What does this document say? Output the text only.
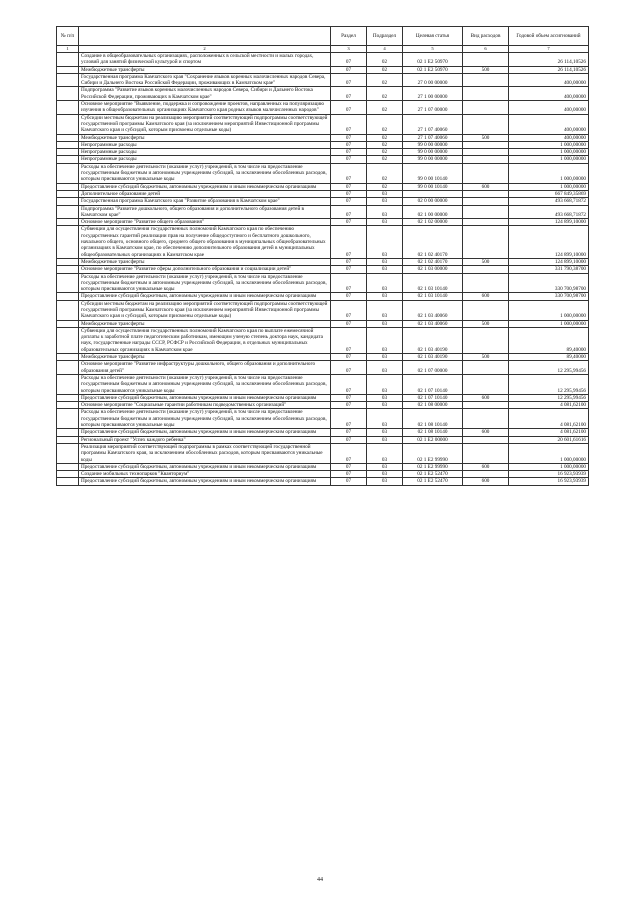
№ п/п		Раздел	Подраздел	Целевая статья	Вид расходов	Годовой объем ассигнований
1	2	3	4	5	6	7
	Создание в общеобразовательных организациях, расположенных в сельской местности и малых городах, условий для занятий физической культурой и спортом	07	02	02 1 E2 50970		26 114,10526
	Межбюджетные трансферты	07	02	02 1 E2 50970	500	26 114,10526
	Государственная программа Камчатского края "Сохранение языков коренных малочисленных народов Севера, Сибири и Дальнего Востока Российской Федерации, проживающих в Камчатском крае"	07	02	27 0 00 00000		400,00000
	Подпрограмма "Развитие языков коренных малочисленных народов Севера, Сибири и Дальнего Востока Российской Федерации, проживающих в Камчатском крае"	07	02	27 1 00 00000		400,00000
	Основное мероприятие "Выявление, поддержка и сопровождение проектов, направленных на популяризацию изучения в общеобразовательных организациях Камчатского края родных языков малочисленных народов"	07	02	27 1 07 00000		400,00000
	Субсидии местным бюджетам на реализацию мероприятий соответствующей подпрограммы соответствующей государственной программы Камчатского края (за исключением мероприятий Инвестиционной программы Камчатского края и субсидий, которым присвоены отдельные коды)	07	02	27 1 07 40060		400,00000
	Межбюджетные трансферты	07	02	27 1 07 40060	500	400,00000
	Непрограммные расходы	07	02	99 0 00 00000		1 000,00000
	Непрограммные расходы	07	02	99 0 00 00000		1 000,00000
	Непрограммные расходы	07	02	99 0 00 00000		1 000,00000
	Расходы на обеспечение деятельности (оказание услуг) учреждений, в том числе на предоставление государственным бюджетным и автономным учреждениям субсидий, за исключением обособленных расходов, которым присваиваются уникальные коды	07	02	99 0 00 10140		1 000,00000
	Предоставление субсидий бюджетным, автономным учреждениям и иным некоммерческим организациям	07	02	99 0 00 10140	600	1 000,00000
	Дополнительное образование детей	07	03			667 849,35869
	Государственная программа Камчатского края "Развитие образования в Камчатском крае"	07	03	02 0 00 00000		493 668,71872
	Подпрограмма "Развитие дошкольного, общего образования и дополнительного образования детей в Камчатском крае"	07	03	02 1 00 00000		493 668,71872
	Основное мероприятие "Развитие общего образования"	07	03	02 1 02 00000		124 899,10000
	Субвенции для осуществления государственных полномочий Камчатского края по обеспечению государственных гарантий реализации прав на получение общедоступного и бесплатного дошкольного, начального общего, основного общего, среднего общего образования в муниципальных общеобразовательных организациях в Камчатском крае, по обеспечению дополнительного образования детей в муниципальных общеобразовательных организациях в Камчатском крае	07	03	02 1 02 40170		124 899,10000
	Межбюджетные трансферты	07	03	02 1 02 40170	500	124 899,10000
	Основное мероприятие "Развитие сферы дополнительного образования и социализации детей"	07	03	02 1 03 00000		331 790,38700
	Расходы на обеспечение деятельности (оказание услуг) учреждений, в том числе на предоставление государственным бюджетным и автономным учреждениям субсидий, за исключением обособленных расходов, которым присваиваются уникальные коды	07	03	02 1 03 10140		330 700,98700
	Предоставление субсидий бюджетным, автономным учреждениям и иным некоммерческим организациям	07	03	02 1 03 10140	600	330 700,98700
	Субсидии местным бюджетам на реализацию мероприятий соответствующей подпрограммы соответствующей государственной программы Камчатского края (за исключением мероприятий Инвестиционной программы Камчатского края и субсидий, которым присвоены отдельные коды)	07	03	02 1 03 40060		1 000,00000
	Межбюджетные трансферты	07	03	02 1 03 40060	500	1 000,00000
	Субвенции для осуществления государственных полномочий Камчатского края по выплате ежемесячной доплаты к заработной плате педагогическим работникам, имеющим ученую степень доктора наук, кандидата наук, государственные награды СССР, РСФСР и Российской Федерации, в отдельных муниципальных образовательных организациях в Камчатском крае	07	03	02 1 03 40190		89,40000
	Межбюджетные трансферты	07	03	02 1 03 40190	500	89,40000
	Основное мероприятие "Развитие инфраструктуры дошкольного, общего образования и дополнительного образования детей"	07	03	02 1 07 00000		12 295,99456
	Расходы на обеспечение деятельности (оказание услуг) учреждений, в том числе на предоставление государственным бюджетным и автономным учреждениям субсидий, за исключением обособленных расходов, которым присваиваются уникальные коды	07	03	02 1 07 10140		12 295,99456
	Предоставление субсидий бюджетным, автономным учреждениям и иным некоммерческим организациям	07	03	02 1 07 10140	600	12 295,99456
	Основное мероприятие "Социальные гарантии работникам подведомственных организаций"	07	03	02 1 08 00000		4 081,62100
	Расходы на обеспечение деятельности (оказание услуг) учреждений, в том числе на предоставление государственным бюджетным и автономным учреждениям субсидий, за исключением обособленных расходов, которым присваиваются уникальные коды	07	03	02 1 08 10140		4 081,62100
	Предоставление субсидий бюджетным, автономным учреждениям и иным некоммерческим организациям	07	03	02 1 08 10140	600	4 081,62100
	Региональный проект "Успех каждого ребенка"	07	03	02 1 E2 00000		20 601,61616
	Реализация мероприятий соответствующей подпрограммы в рамках соответствующей государственной программы Камчатского края, за исключением обособленных расходов, которым присваиваются уникальные коды	07	03	02 1 E2 99990		1 000,00000
	Предоставление субсидий бюджетным, автономным учреждениям и иным некоммерческим организациям	07	03	02 1 E2 99990	600	1 000,00000
	Создание мобильных технопарков "Кванториум"	07	03	02 1 E2 52470		16 923,93939
	Предоставление субсидий бюджетным, автономным учреждениям и иным некоммерческим организациям	07	03	02 1 E2 52470	600	16 923,93939
44
